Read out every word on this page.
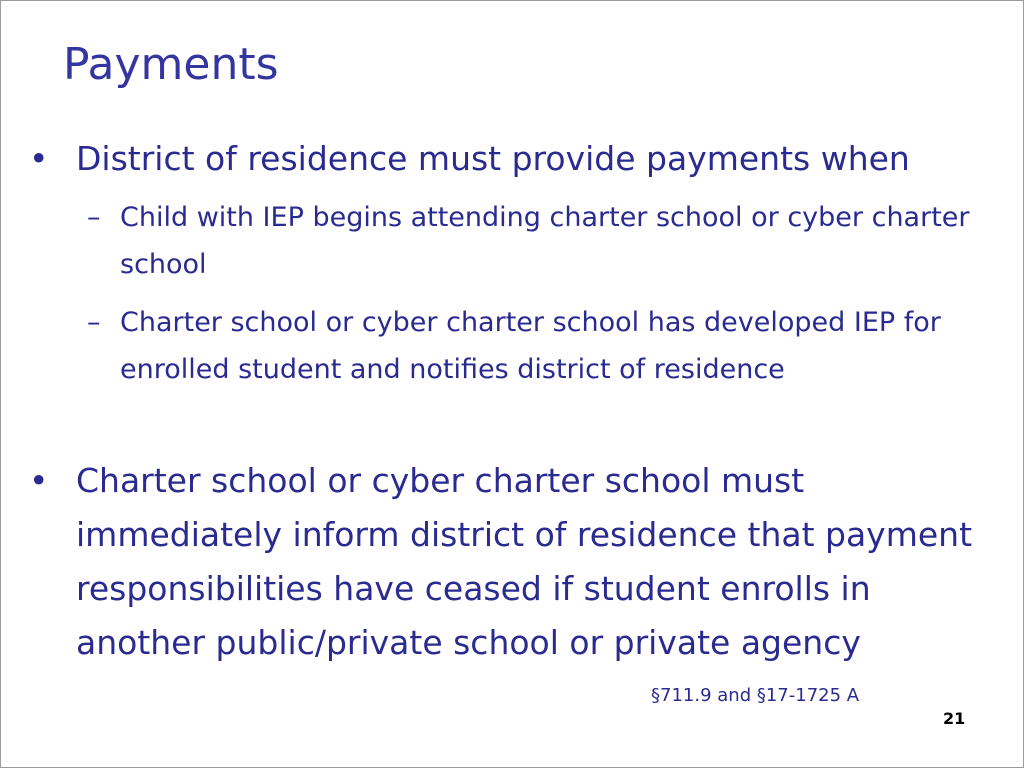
Payments
• District of residence must provide payments when
– Child with IEP begins attending charter school or cyber charter school
– Charter school or cyber charter school has developed IEP for enrolled student and notifies district of residence
• Charter school or cyber charter school must immediately inform district of residence that payment responsibilities have ceased if student enrolls in another public/private school or private agency
§711.9 and §17-1725 A
21
